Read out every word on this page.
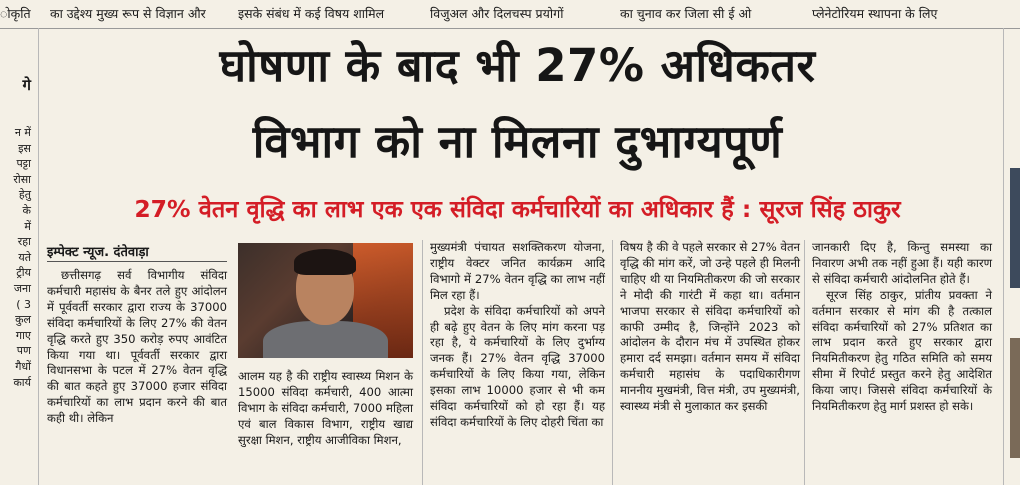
ोकृति	का उद्देश्य मुख्य रूप से विज्ञान और	इसके संबंध में कई विषय शामिल	विजुअल और दिलचस्प प्रयोगों	का चुनाव कर जिला सी ई ओ	प्लेनेटोरियम स्थापना के लिए
गे
न में
इस
पट्टा
रोसा
हेतु
के
में
रहा
यते
ट्रीय
जना
( 3
कुल
गाए
पण
गैधों
कार्य
घोषणा के बाद भी 27% अधिकतर
विभाग को ना मिलना दुभाग्यपूर्ण
27% वेतन वृद्धि का लाभ एक एक संविदा कर्मचारियों का अधिकार हैं : सूरज सिंह ठाकुर
इम्पेक्ट न्यूज. दंतेवाड़ा

छत्तीसगढ़ सर्व विभागीय संविदा कर्मचारी महासंघ के बैनर तले हुए आंदोलन में पूर्ववर्ती सरकार द्वारा राज्य के 37000 संविदा कर्मचारियों के लिए 27% की वेतन वृद्धि करते हुए 350 करोड़ रुपए आवंटित किया गया था। पूर्ववर्ती सरकार द्वारा विधानसभा के पटल में 27% वेतन वृद्धि की बात कहते हुए 37000 हजार संविदा कर्मचारियों का लाभ प्रदान करने की बात कही थी। लेकिन

आलम यह है की राष्ट्रीय स्वास्थ्य मिशन के 15000 संविदा कर्मचारी, 400 आत्मा विभाग के संविदा कर्मचारी, 7000 महिला एवं बाल विकास विभाग, राष्ट्रीय खाद्य सुरक्षा मिशन, राष्ट्रीय आजीविका मिशन,

मुख्यमंत्री पंचायत सशक्तिकरण योजना, राष्ट्रीय वेक्टर जनित कार्यक्रम आदि विभागो में 27% वेतन वृद्धि का लाभ नहीं मिल रहा हैं।

प्रदेश के संविदा कर्मचारियों को अपने ही बढ़े हुए वेतन के लिए मांग करना पड़ रहा है, ये कर्मचारियों के लिए दुर्भाग्य जनक हैं। 27% वेतन वृद्धि 37000 कर्मचारियों के लिए किया गया, लेकिन इसका लाभ 10000 हजार से भी कम संविदा कर्मचारियों को हो रहा हैं। यह संविदा कर्मचारियों के लिए दोहरी चिंता का

विषय है की वे पहले सरकार से 27% वेतन वृद्धि की मांग करें, जो उन्हे पहले ही मिलनी चाहिए थी या नियमितीकरण की जो सरकार ने मोदी की गारंटी में कहा था। वर्तमान भाजपा सरकार से संविदा कर्मचारियों को काफी उम्मीद है, जिन्होंने 2023 को आंदोलन के दौरान मंच में उपस्थित होकर हमारा दर्द समझा। वर्तमान समय में संविदा कर्मचारी महासंघ के पदाधिकारीगण माननीय मुखमंत्री, वित्त मंत्री, उप मुख्यमंत्री, स्वास्थ्य मंत्री से मुलाकात कर इसकी

जानकारी दिए है, किन्तु समस्या का निवारण अभी तक नहीं हुआ हैं। यही कारण से संविदा कर्मचारी आंदोलनित होते हैं।

सूरज सिंह ठाकुर, प्रांतीय प्रवक्ता ने वर्तमान सरकार से मांग की है तत्काल संविदा कर्मचारियों को 27% प्रतिशत का लाभ प्रदान करते हुए सरकार द्वारा नियमितीकरण हेतु गठित समिति को समय सीमा में रिपोर्ट प्रस्तुत करने हेतु आदेशित किया जाए। जिससे संविदा कर्मचारियों के नियमितीकरण हेतु मार्ग प्रशस्त हो सके।
